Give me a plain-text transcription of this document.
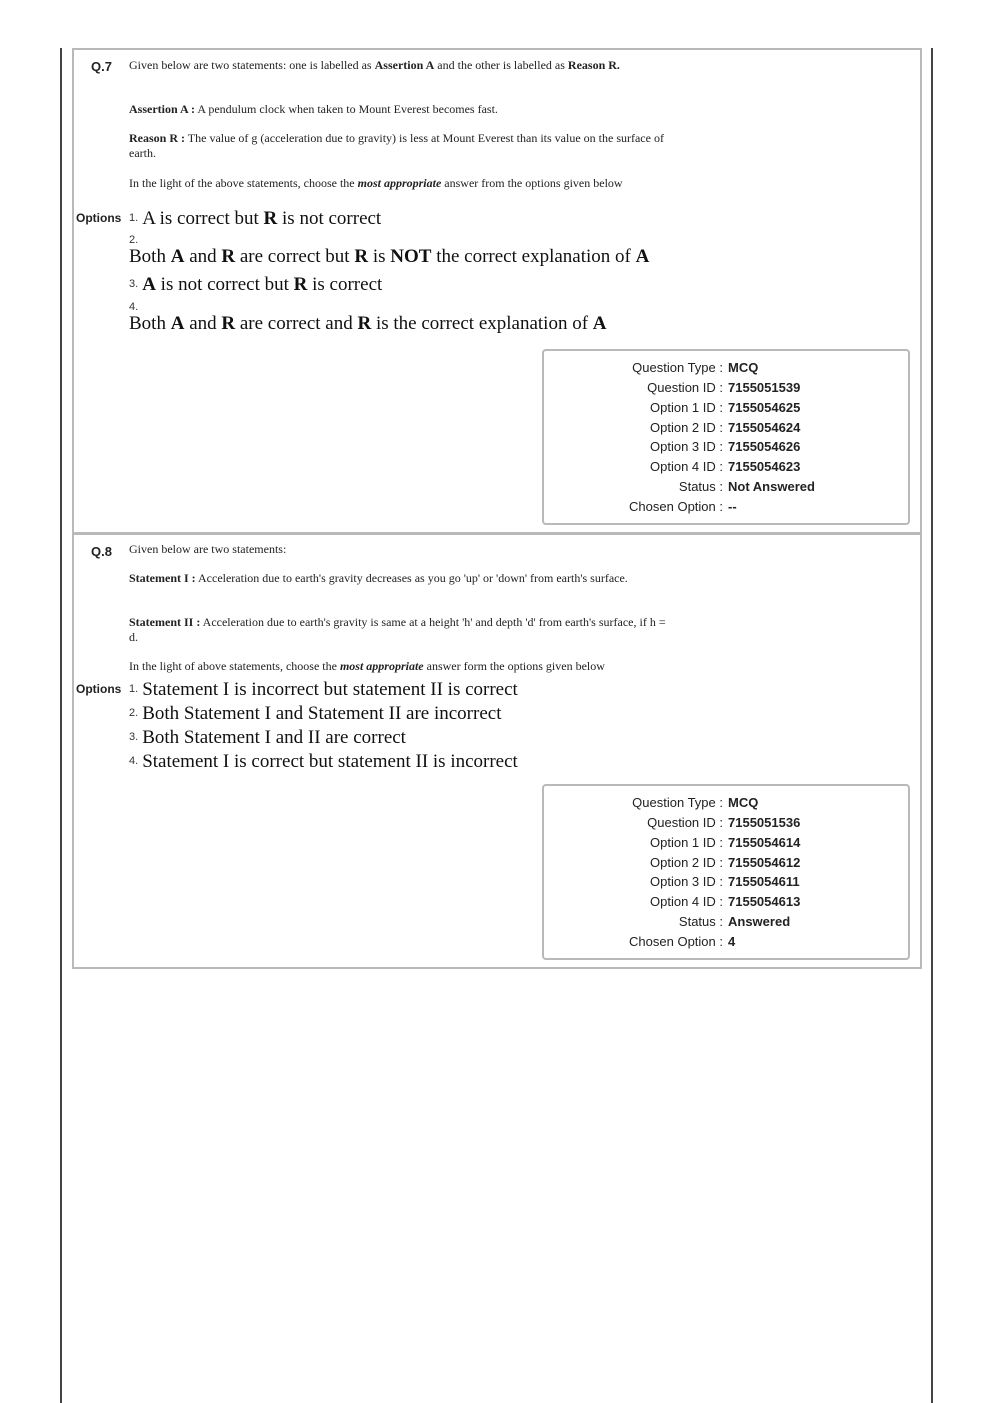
Q.7 Given below are two statements: one is labelled as Assertion A and the other is labelled as Reason R.
Assertion A : A pendulum clock when taken to Mount Everest becomes fast.
Reason R : The value of g (acceleration due to gravity) is less at Mount Everest than its value on the surface of earth.
In the light of the above statements, choose the most appropriate answer from the options given below
Options 1. A is correct but R is not correct
2.
Both A and R are correct but R is NOT the correct explanation of A
3. A is not correct but R is correct
4.
Both A and R are correct and R is the correct explanation of A
Question Type : MCQ
Question ID : 7155051539
Option 1 ID : 7155054625
Option 2 ID : 7155054624
Option 3 ID : 7155054626
Option 4 ID : 7155054623
Status : Not Answered
Chosen Option : --
Q.8 Given below are two statements:
Statement I : Acceleration due to earth's gravity decreases as you go 'up' or 'down' from earth's surface.
Statement II : Acceleration due to earth's gravity is same at a height 'h' and depth 'd' from earth's surface, if h = d.
In the light of above statements, choose the most appropriate answer form the options given below
Options 1. Statement I is incorrect but statement II is correct
2. Both Statement I and Statement II are incorrect
3. Both Statement I and II are correct
4. Statement I is correct but statement II is incorrect
Question Type : MCQ
Question ID : 7155051536
Option 1 ID : 7155054614
Option 2 ID : 7155054612
Option 3 ID : 7155054611
Option 4 ID : 7155054613
Status : Answered
Chosen Option : 4
